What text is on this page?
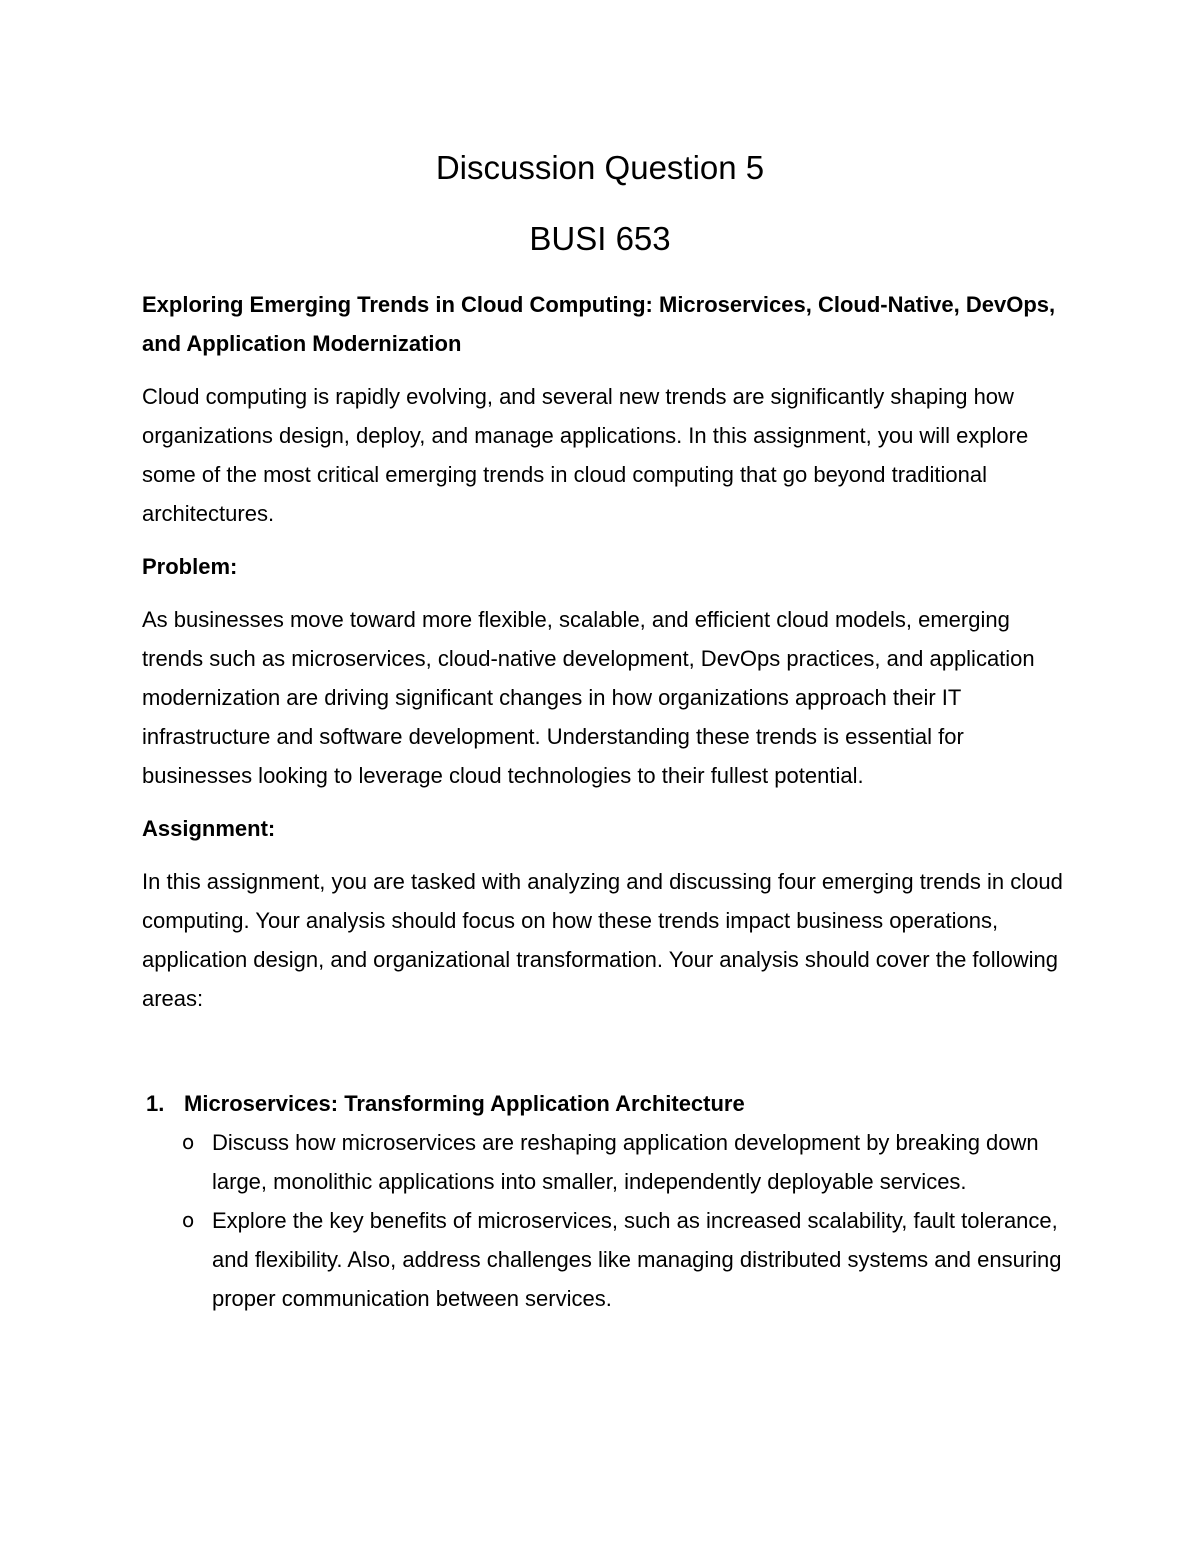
Discussion Question 5
BUSI 653

Exploring Emerging Trends in Cloud Computing: Microservices, Cloud-Native, DevOps, and Application Modernization

Cloud computing is rapidly evolving, and several new trends are significantly shaping how organizations design, deploy, and manage applications. In this assignment, you will explore some of the most critical emerging trends in cloud computing that go beyond traditional architectures.

Problem:

As businesses move toward more flexible, scalable, and efficient cloud models, emerging trends such as microservices, cloud-native development, DevOps practices, and application modernization are driving significant changes in how organizations approach their IT infrastructure and software development. Understanding these trends is essential for businesses looking to leverage cloud technologies to their fullest potential.

Assignment:

In this assignment, you are tasked with analyzing and discussing four emerging trends in cloud computing. Your analysis should focus on how these trends impact business operations, application design, and organizational transformation. Your analysis should cover the following areas:

1. Microservices: Transforming Application Architecture
o Discuss how microservices are reshaping application development by breaking down large, monolithic applications into smaller, independently deployable services.
o Explore the key benefits of microservices, such as increased scalability, fault tolerance, and flexibility. Also, address challenges like managing distributed systems and ensuring proper communication between services.
